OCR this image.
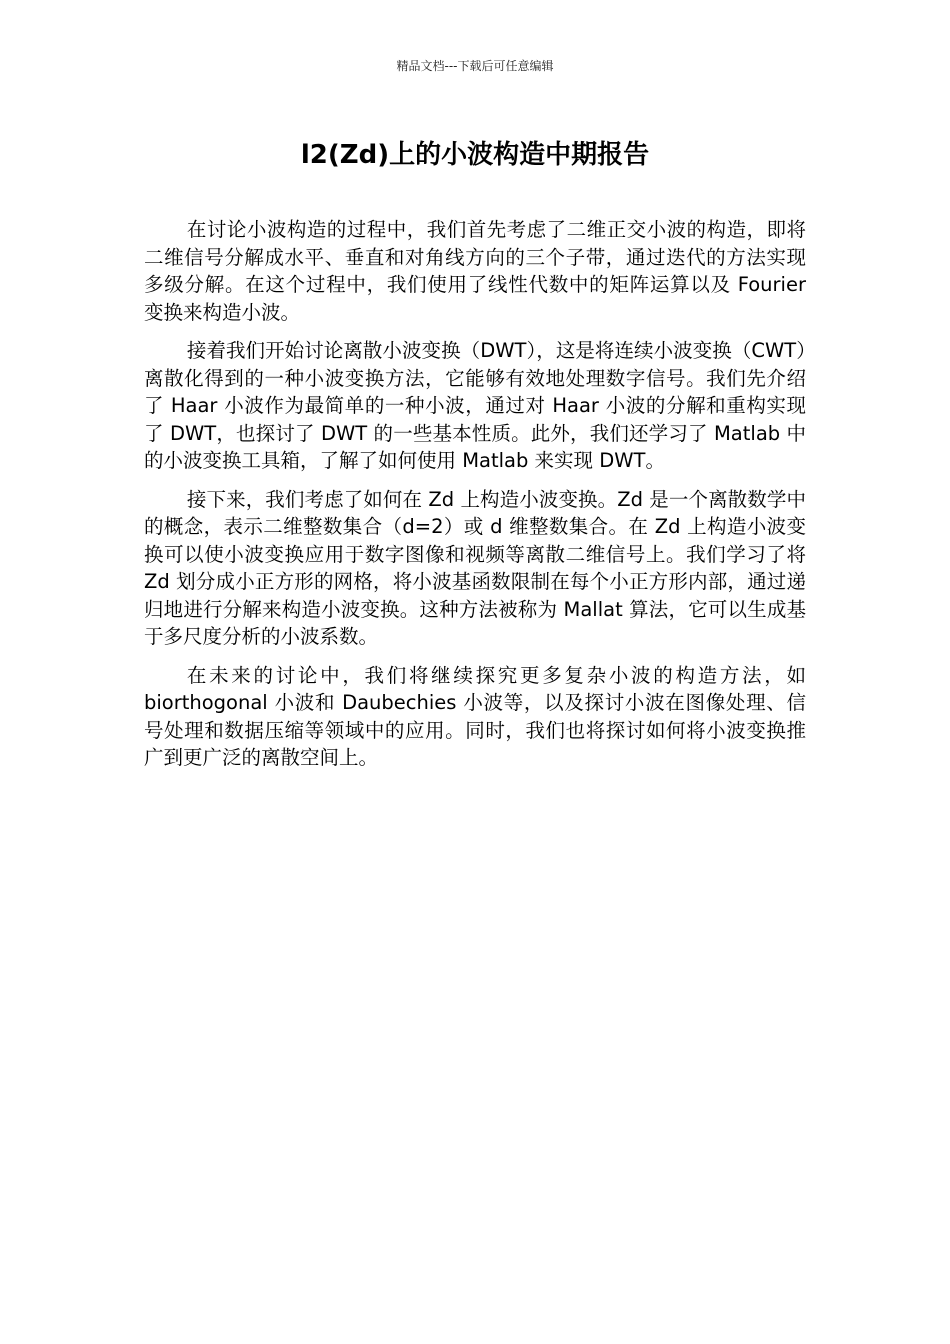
精品文档---下载后可任意编辑
l2(Zd)上的小波构造中期报告

在讨论小波构造的过程中，我们首先考虑了二维正交小波的构造，即将二维信号分解成水平、垂直和对角线方向的三个子带，通过迭代的方法实现多级分解。在这个过程中，我们使用了线性代数中的矩阵运算以及 Fourier 变换来构造小波。

接着我们开始讨论离散小波变换（DWT），这是将连续小波变换（CWT）离散化得到的一种小波变换方法，它能够有效地处理数字信号。我们先介绍了 Haar 小波作为最简单的一种小波，通过对 Haar 小波的分解和重构实现了 DWT，也探讨了 DWT 的一些基本性质。此外，我们还学习了 Matlab 中的小波变换工具箱，了解了如何使用 Matlab 来实现 DWT。

接下来，我们考虑了如何在 Zd 上构造小波变换。Zd 是一个离散数学中的概念，表示二维整数集合（d=2）或 d 维整数集合。在 Zd 上构造小波变换可以使小波变换应用于数字图像和视频等离散二维信号上。我们学习了将 Zd 划分成小正方形的网格，将小波基函数限制在每个小正方形内部，通过递归地进行分解来构造小波变换。这种方法被称为 Mallat 算法，它可以生成基于多尺度分析的小波系数。

在未来的讨论中，我们将继续探究更多复杂小波的构造方法，如 biorthogonal 小波和 Daubechies 小波等，以及探讨小波在图像处理、信号处理和数据压缩等领域中的应用。同时，我们也将探讨如何将小波变换推广到更广泛的离散空间上。
